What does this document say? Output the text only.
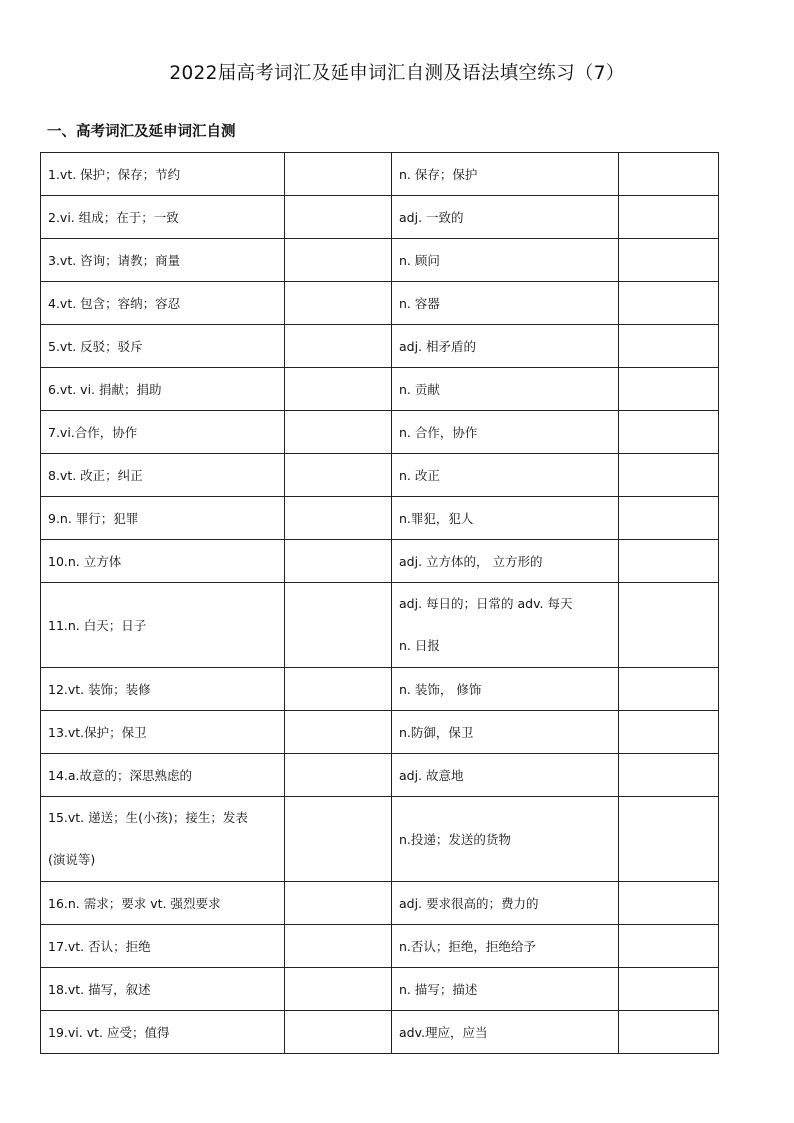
2022届高考词汇及延申词汇自测及语法填空练习（7）
一、高考词汇及延申词汇自测
1.vt. 保护；保存；节约		n. 保存；保护	

2.vi. 组成；在于；一致		adj. 一致的	

3.vt. 咨询；请教；商量		n. 顾问	

4.vt. 包含；容纳；容忍		n. 容器	

5.vt. 反驳；驳斥		adj. 相矛盾的	

6.vt. vi. 捐献；捐助		n. 贡献	

7.vi.合作，协作		n. 合作，协作	

8.vt. 改正；纠正		n. 改正	

9.n. 罪行；犯罪		n.罪犯，犯人	

10.n. 立方体		adj. 立方体的， 立方形的	

11.n. 白天；日子		adj. 每日的；日常的 adv. 每天
n. 日报	

12.vt. 装饰；装修		n. 装饰， 修饰	

13.vt.保护；保卫		n.防御，保卫	

14.a.故意的；深思熟虑的		adj. 故意地	

15.vt. 递送；生(小孩)；接生；发表
(演说等)		n.投递；发送的货物	

16.n. 需求；要求 vt. 强烈要求		adj. 要求很高的；费力的	

17.vt. 否认；拒绝		n.否认；拒绝，拒绝给予	

18.vt. 描写，叙述		n. 描写；描述	

19.vi. vt. 应受；值得		adv.理应，应当	
